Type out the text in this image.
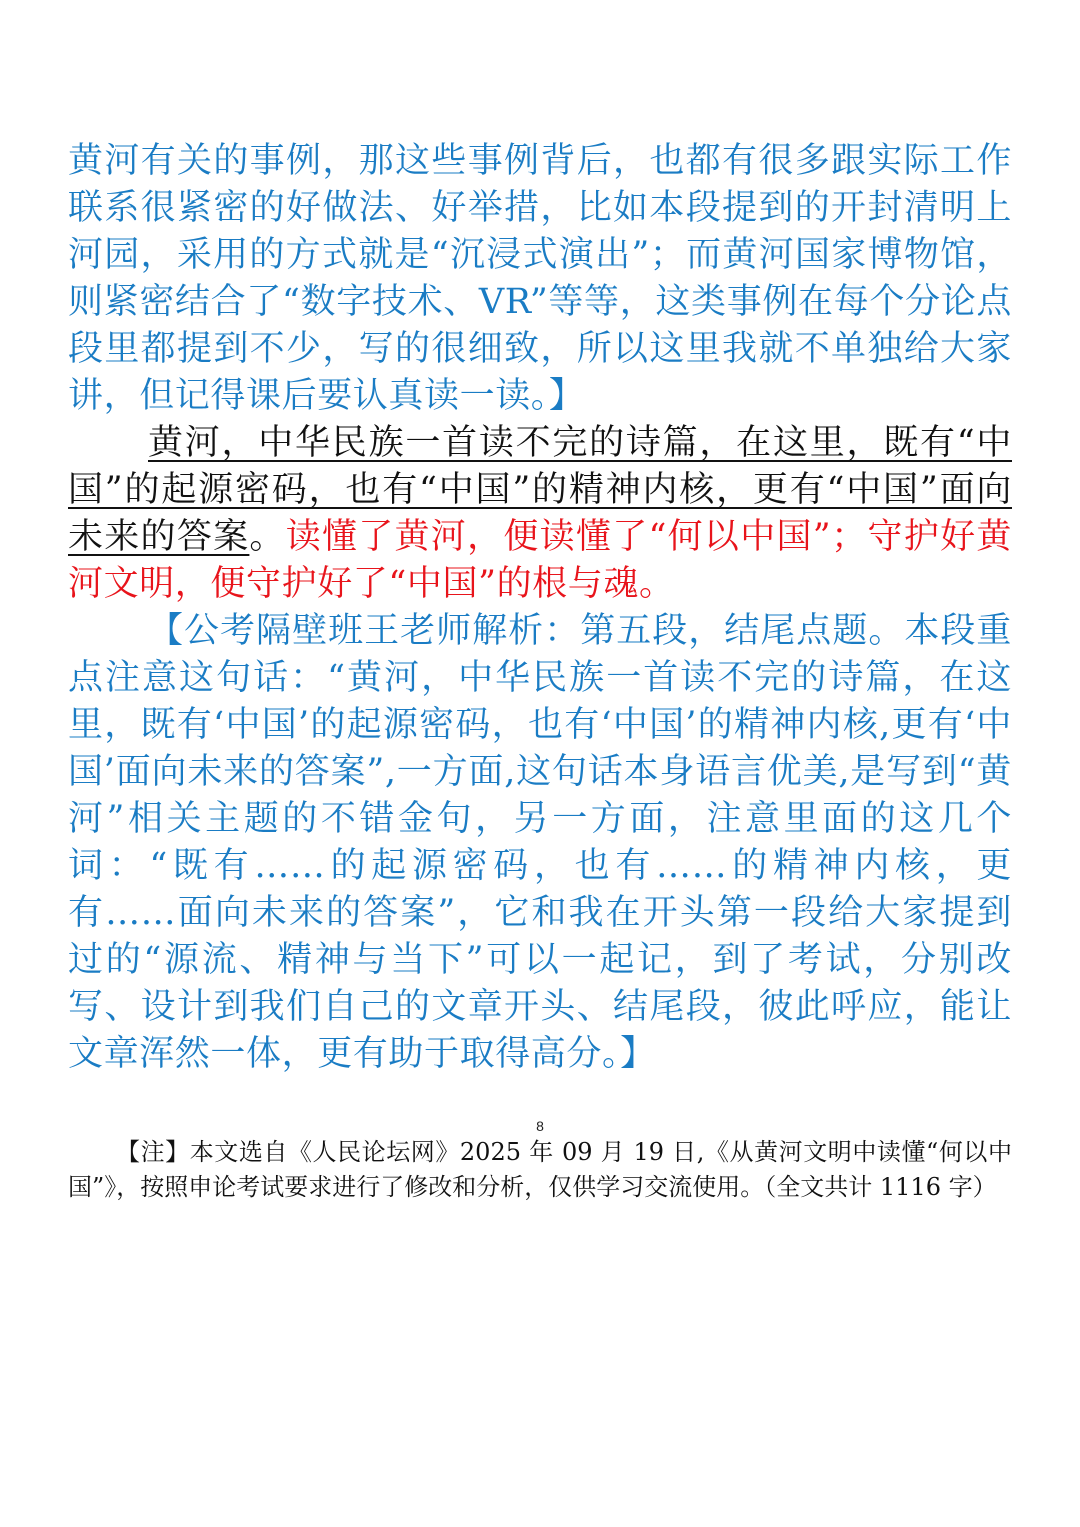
黄河有关的事例，那这些事例背后，也都有很多跟实际工作联系很紧密的好做法、好举措，比如本段提到的开封清明上河园，采用的方式就是“沉浸式演出”；而黄河国家博物馆，则紧密结合了“数字技术、VR”等等，这类事例在每个分论点段里都提到不少，写的很细致，所以这里我就不单独给大家讲，但记得课后要认真读一读。】

黄河，中华民族一首读不完的诗篇，在这里，既有“中国”的起源密码，也有“中国”的精神内核，更有“中国”面向未来的答案。读懂了黄河，便读懂了“何以中国”；守护好黄河文明，便守护好了“中国”的根与魂。

【公考隔壁班王老师解析：第五段，结尾点题。本段重点注意这句话：“黄河，中华民族一首读不完的诗篇，在这里，既有‘中国’的起源密码，也有‘中国’的精神内核,更有‘中国’面向未来的答案”,一方面,这句话本身语言优美,是写到“黄河”相关主题的不错金句，另一方面，注意里面的这几个词：“既有……的起源密码，也有……的精神内核，更有……面向未来的答案”，它和我在开头第一段给大家提到过的“源流、精神与当下”可以一起记，到了考试，分别改写、设计到我们自己的文章开头、结尾段，彼此呼应，能让文章浑然一体，更有助于取得高分。】

8
【注】本文选自《人民论坛网》2025 年 09 月 19 日,《从黄河文明中读懂“何以中国”》，按照申论考试要求进行了修改和分析，仅供学习交流使用。（全文共计 1116 字）
